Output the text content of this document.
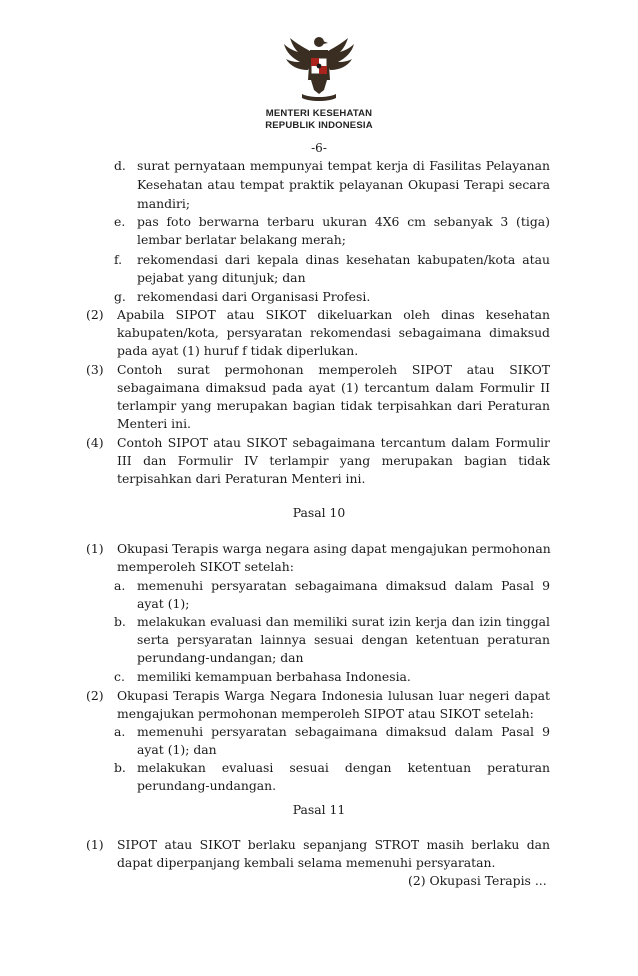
MENTERI KESEHATAN
REPUBLIK INDONESIA
-6-
d. surat pernyataan mempunyai tempat kerja di Fasilitas Pelayanan
Kesehatan atau tempat praktik pelayanan Okupasi Terapi secara
mandiri;
e. pas foto berwarna terbaru ukuran 4X6 cm sebanyak 3 (tiga)
lembar berlatar belakang merah;
f. rekomendasi dari kepala dinas kesehatan kabupaten/kota atau
pejabat yang ditunjuk; dan
g. rekomendasi dari Organisasi Profesi.
(2) Apabila SIPOT atau SIKOT dikeluarkan oleh dinas kesehatan
kabupaten/kota, persyaratan rekomendasi sebagaimana dimaksud
pada ayat (1) huruf f tidak diperlukan.
(3) Contoh surat permohonan memperoleh SIPOT atau SIKOT
sebagaimana dimaksud pada ayat (1) tercantum dalam Formulir II
terlampir yang merupakan bagian tidak terpisahkan dari Peraturan
Menteri ini.
(4) Contoh SIPOT atau SIKOT sebagaimana tercantum dalam Formulir
III dan Formulir IV terlampir yang merupakan bagian tidak
terpisahkan dari Peraturan Menteri ini.
Pasal 10
(1) Okupasi Terapis warga negara asing dapat mengajukan permohonan
memperoleh SIKOT setelah:
a. memenuhi persyaratan sebagaimana dimaksud dalam Pasal 9
ayat (1);
b. melakukan evaluasi dan memiliki surat izin kerja dan izin tinggal
serta persyaratan lainnya sesuai dengan ketentuan peraturan
perundang-undangan; dan
c. memiliki kemampuan berbahasa Indonesia.
(2) Okupasi Terapis Warga Negara Indonesia lulusan luar negeri dapat
mengajukan permohonan memperoleh SIPOT atau SIKOT setelah:
a. memenuhi persyaratan sebagaimana dimaksud dalam Pasal 9
ayat (1); dan
b. melakukan evaluasi sesuai dengan ketentuan peraturan
perundang-undangan.
Pasal 11
(1) SIPOT atau SIKOT berlaku sepanjang STROT masih berlaku dan
dapat diperpanjang kembali selama memenuhi persyaratan.
(2) Okupasi Terapis ...
